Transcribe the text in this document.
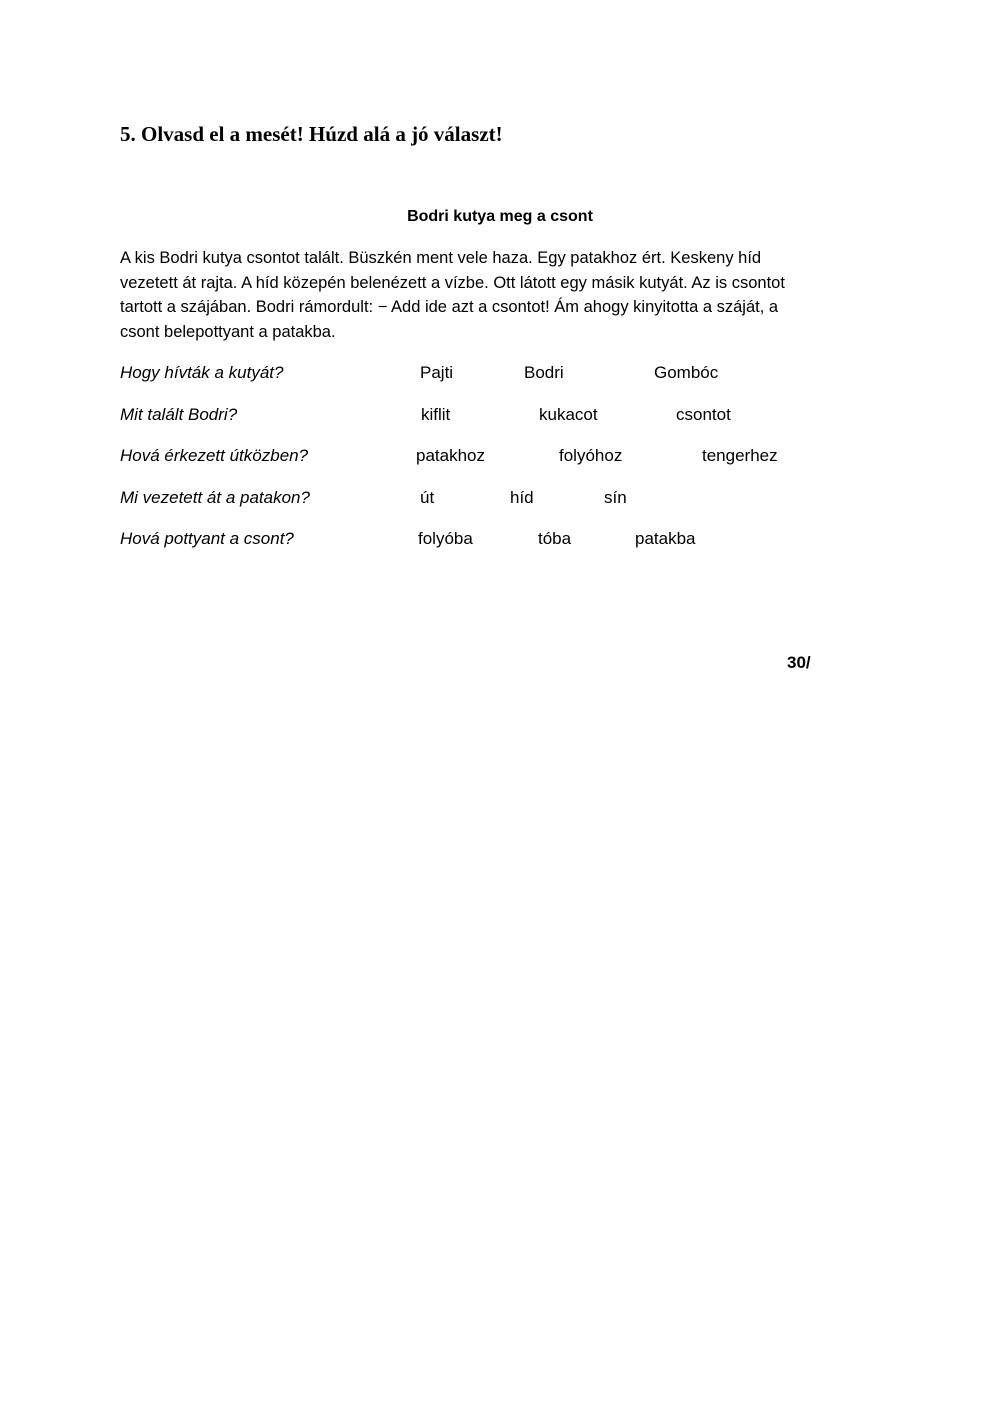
5. Olvasd el a mesét! Húzd alá a jó választ!
Bodri kutya meg a csont
A kis Bodri kutya csontot talált. Büszkén ment vele haza. Egy patakhoz ért. Keskeny híd
vezetett át rajta. A híd közepén belenézett a vízbe. Ott látott egy másik kutyát. Az is csontot
tartott a szájában. Bodri rámordult: − Add ide azt a csontot! Ám ahogy kinyitotta a száját, a
csont belepottyant a patakba.
Hogy hívták a kutyát?	Pajti	Bodri	Gombóc
Mit talált Bodri?	kiflit	kukacot	csontot
Hová érkezett útközben?	patakhoz	folyóhoz	tengerhez
Mi vezetett át a patakon?	út	híd	sín
Hová pottyant a csont?	folyóba	tóba	patakba
30/
